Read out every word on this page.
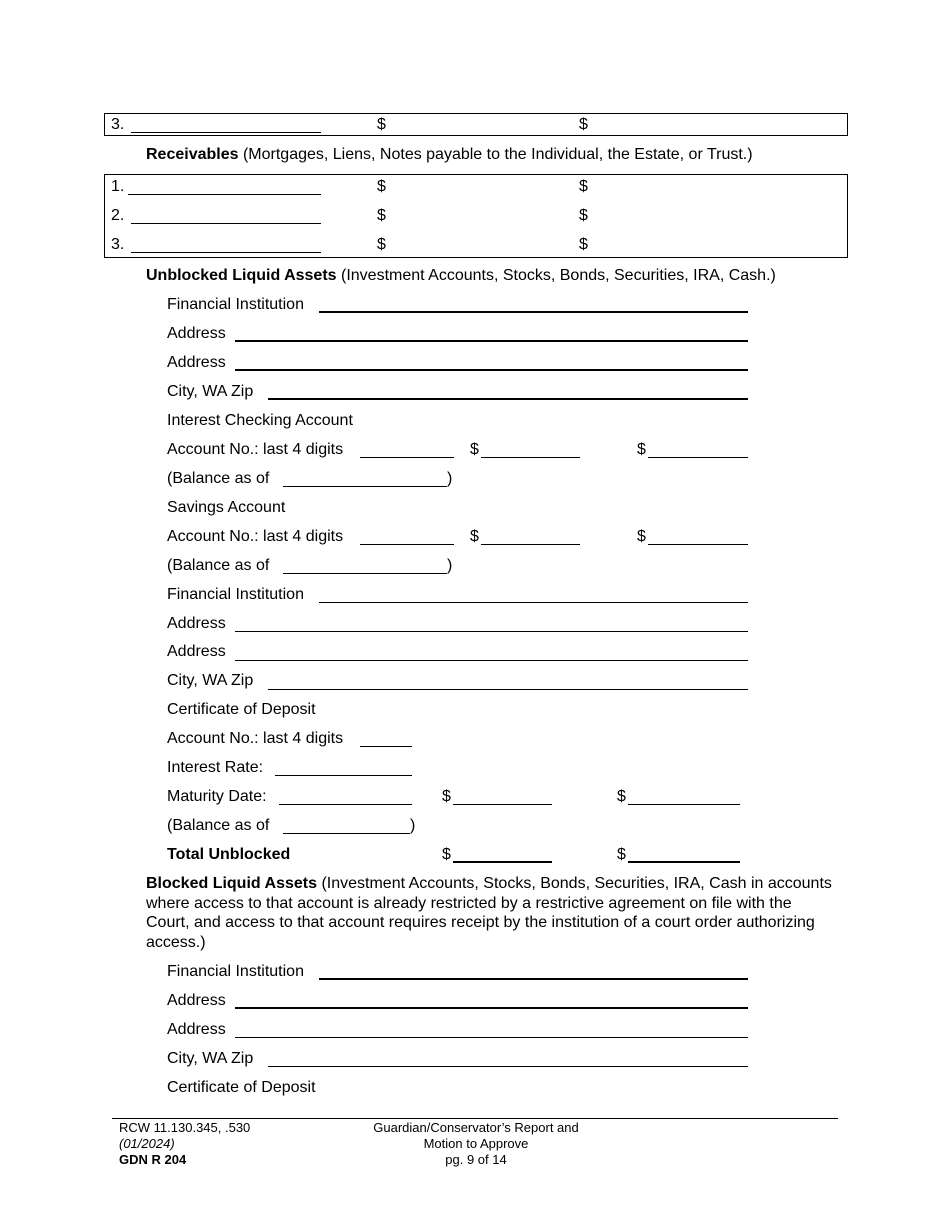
3.	$	$
Receivables (Mortgages, Liens, Notes payable to the Individual, the Estate, or Trust.)
1.	$	$
2.	$	$
3.	$	$
Unblocked Liquid Assets (Investment Accounts, Stocks, Bonds, Securities, IRA, Cash.)
Financial Institution
Address
Address
City, WA Zip
Interest Checking Account
Account No.: last 4 digits	$	$
(Balance as of	)
Savings Account
Account No.: last 4 digits	$	$
(Balance as of	)
Financial Institution
Address
Address
City, WA Zip
Certificate of Deposit
Account No.: last 4 digits
Interest Rate:
Maturity Date:	$	$
(Balance as of	)
Total Unblocked	$	$
Blocked Liquid Assets (Investment Accounts, Stocks, Bonds, Securities, IRA, Cash in accounts where access to that account is already restricted by a restrictive agreement on file with the Court, and access to that account requires receipt by the institution of a court order authorizing access.)
Financial Institution
Address
Address
City, WA Zip
Certificate of Deposit
RCW 11.130.345, .530
(01/2024)
GDN R 204
Guardian/Conservator’s Report and
Motion to Approve
pg. 9 of 14
